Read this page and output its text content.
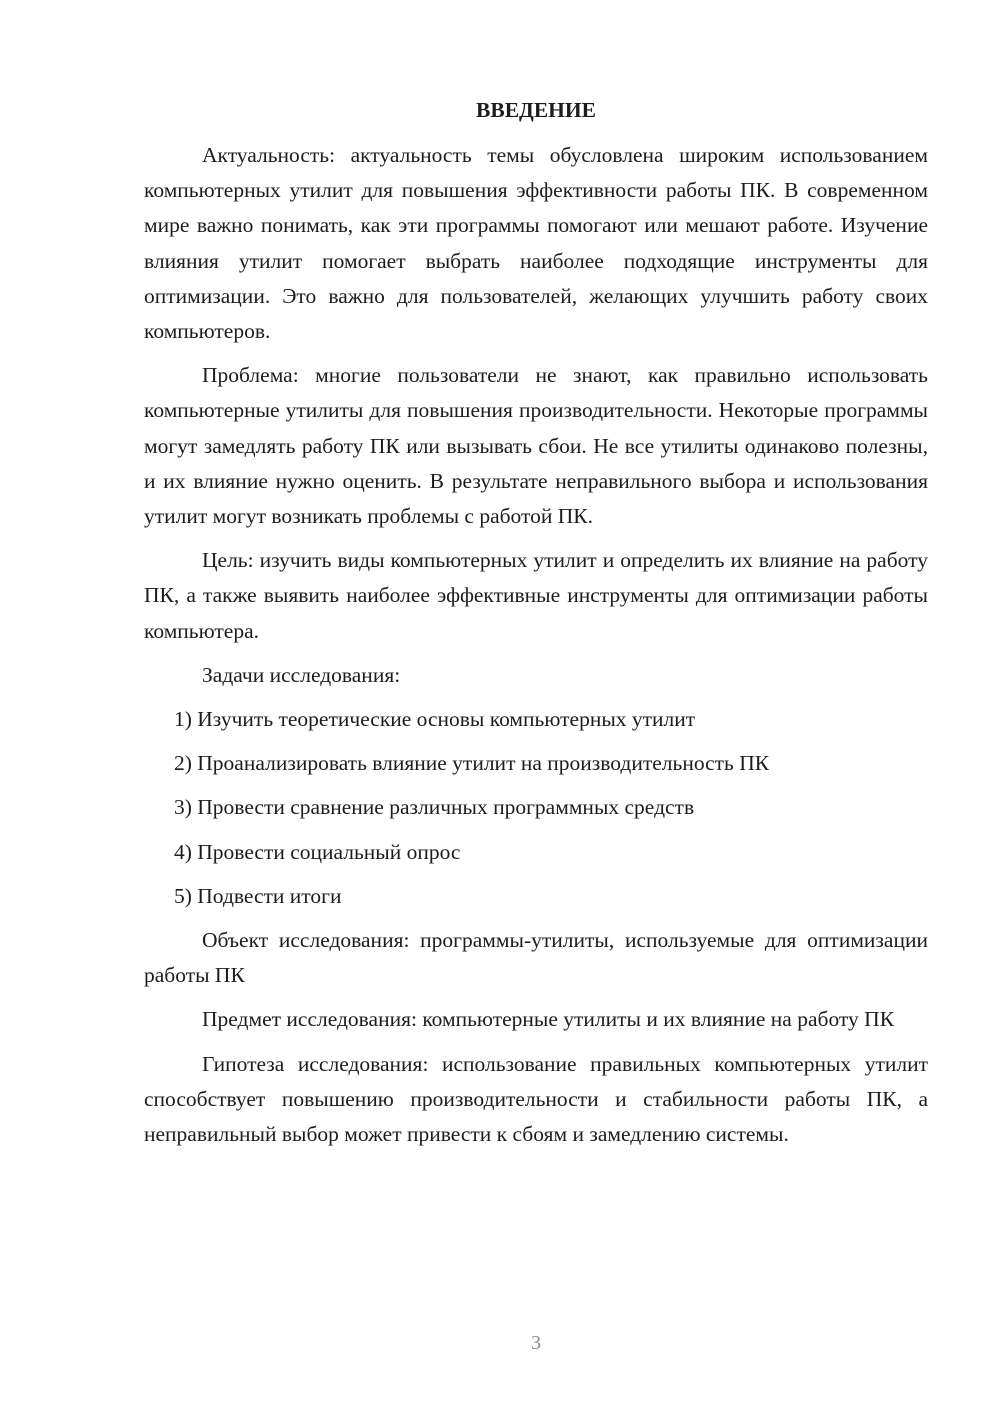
ВВЕДЕНИЕ

Актуальность: актуальность темы обусловлена широким использованием компьютерных утилит для повышения эффективности работы ПК. В современном мире важно понимать, как эти программы помогают или мешают работе. Изучение влияния утилит помогает выбрать наиболее подходящие инструменты для оптимизации. Это важно для пользователей, желающих улучшить работу своих компьютеров.

Проблема: многие пользователи не знают, как правильно использовать компьютерные утилиты для повышения производительности. Некоторые программы могут замедлять работу ПК или вызывать сбои. Не все утилиты одинаково полезны, и их влияние нужно оценить. В результате неправильного выбора и использования утилит могут возникать проблемы с работой ПК.

Цель: изучить виды компьютерных утилит и определить их влияние на работу ПК, а также выявить наиболее эффективные инструменты для оптимизации работы компьютера.

Задачи исследования:

1) Изучить теоретические основы компьютерных утилит

2) Проанализировать влияние утилит на производительность ПК

3) Провести сравнение различных программных средств

4) Провести социальный опрос

5) Подвести итоги

Объект исследования: программы-утилиты, используемые для оптимизации работы ПК

Предмет исследования: компьютерные утилиты и их влияние на работу ПК

Гипотеза исследования: использование правильных компьютерных утилит способствует повышению производительности и стабильности работы ПК, а неправильный выбор может привести к сбоям и замедлению системы.

3
